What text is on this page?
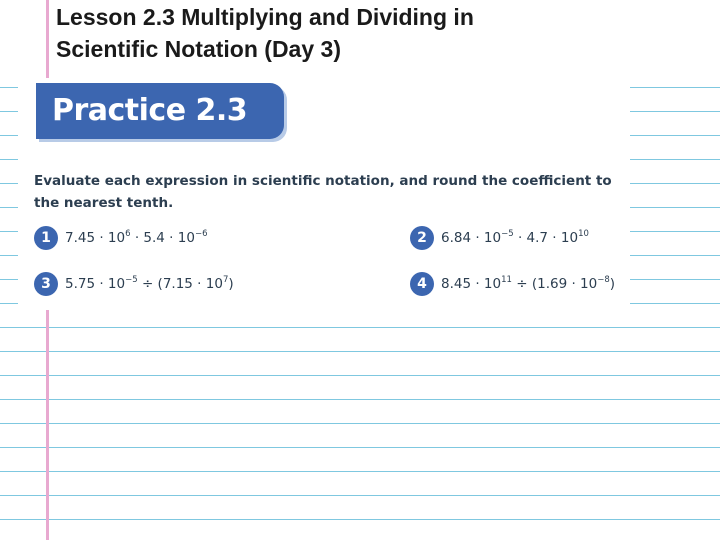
Lesson 2.3 Multiplying and Dividing in
Scientific Notation (Day 3)
Practice 2.3
Evaluate each expression in scientific notation, and round the coefficient to the nearest tenth.
1	$7.45 \cdot 10^6 \cdot 5.4 \cdot 10^{-6}$	2	$6.84 \cdot 10^{-5} \cdot 4.7 \cdot 10^{10}$
3	$5.75 \cdot 10^{-5} \div (7.15 \cdot 10^7)$	4	$8.45 \cdot 10^{11} \div (1.69 \cdot 10^{-8})$
